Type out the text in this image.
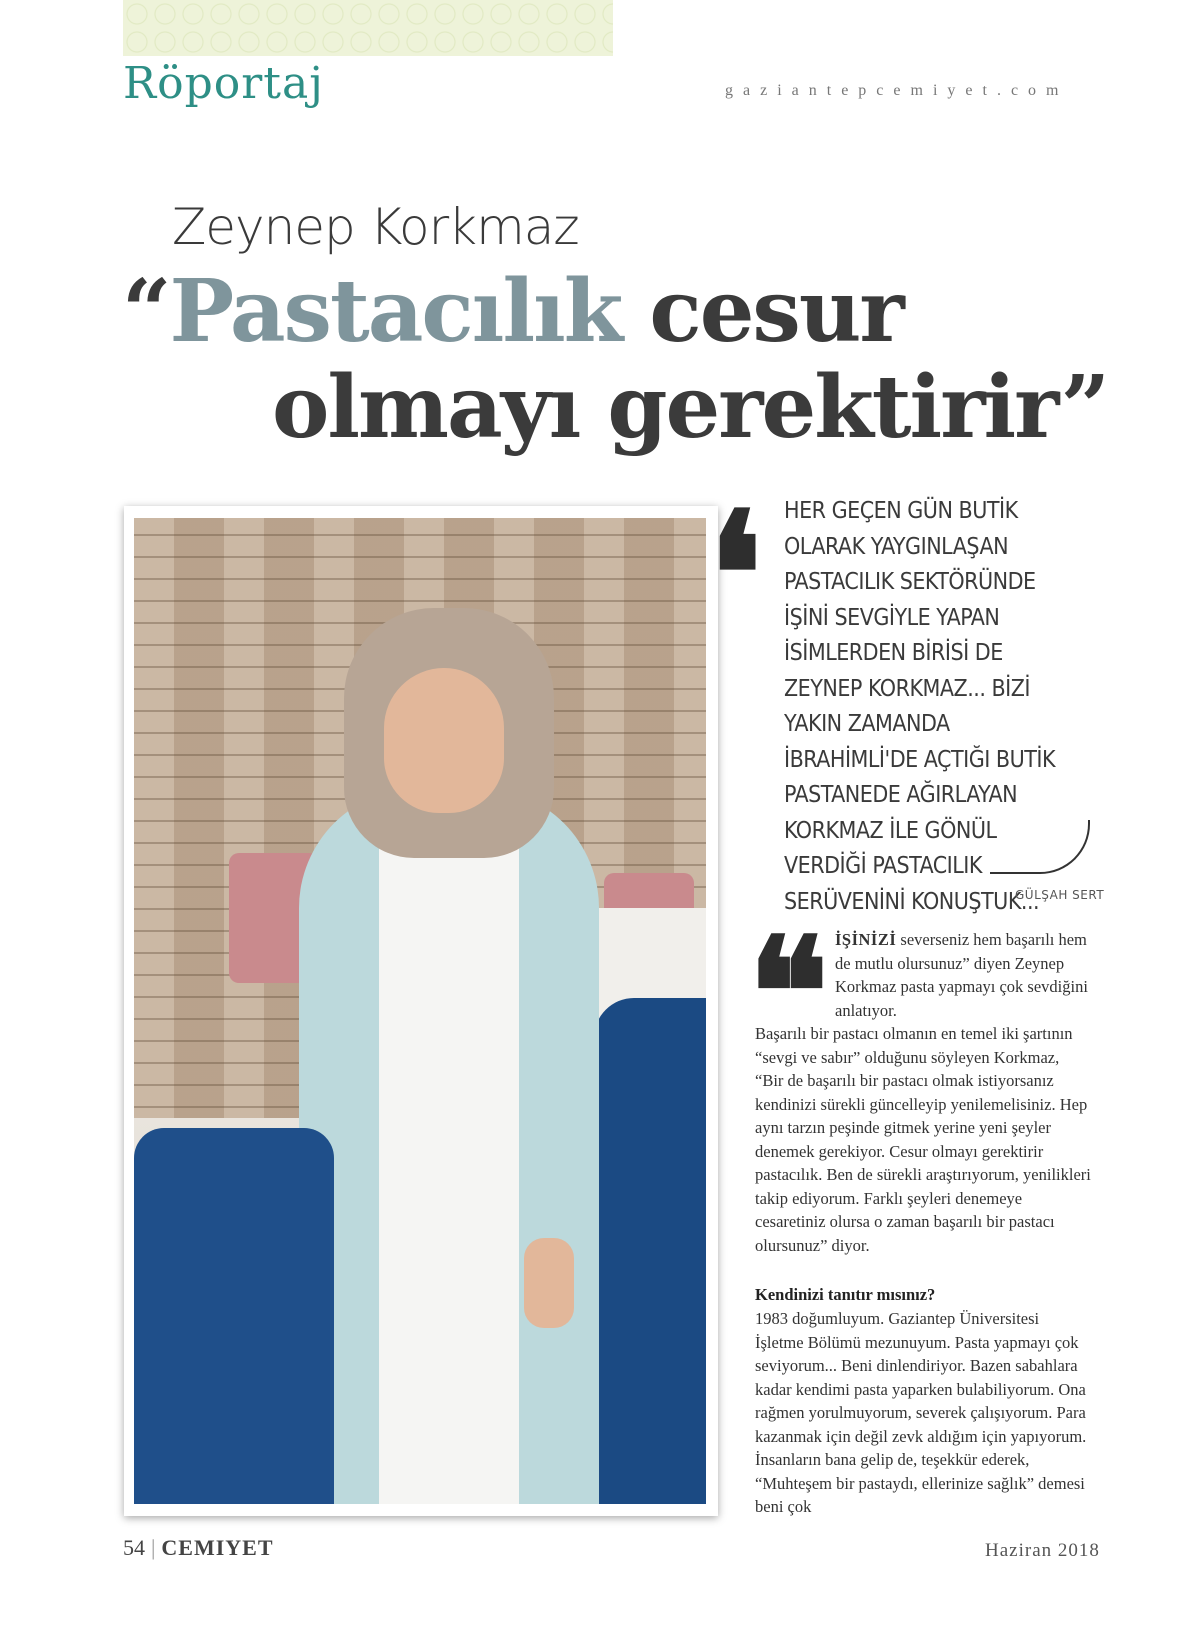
Röportaj	gaziantepcemiyet.com
Zeynep Korkmaz
“Pastacılık cesur
olmayı gerektirir”
❛ HER GEÇEN GÜN BUTİK OLARAK YAYGINLAŞAN PASTACILIK SEKTÖRÜNDE İŞİNİ SEVGİYLE YAPAN İSİMLERDEN BİRİSİ DE ZEYNEP KORKMAZ... BİZİ YAKIN ZAMANDA İBRAHİMLİ'DE AÇTIĞI BUTİK PASTANEDE AĞIRLAYAN KORKMAZ İLE GÖNÜL VERDİĞİ PASTACILIK SERÜVENİNİ KONUŞTUK...
GÜLŞAH SERT
❝ İŞİNİZİ severseniz hem başarılı hem de mutlu olursunuz” diyen Zeynep Korkmaz pasta yapmayı çok sevdiğini anlatıyor.
Başarılı bir pastacı olmanın en temel iki şartının “sevgi ve sabır” olduğunu söyleyen Korkmaz, “Bir de başarılı bir pastacı olmak istiyorsanız kendinizi sürekli güncelleyip yenilemelisiniz. Hep aynı tarzın peşinde gitmek yerine yeni şeyler denemek gerekiyor. Cesur olmayı gerektirir pastacılık. Ben de sürekli araştırıyorum, yenilikleri takip ediyorum. Farklı şeyleri denemeye cesaretiniz olursa o zaman başarılı bir pastacı olursunuz” diyor.
Kendinizi tanıtır mısınız?
1983 doğumluyum. Gaziantep Üniversitesi İşletme Bölümü mezunuyum. Pasta yapmayı çok seviyorum... Beni dinlendiriyor. Bazen sabahlara kadar kendimi pasta yaparken bulabiliyorum. Ona rağmen yorulmuyorum, severek çalışıyorum. Para kazanmak için değil zevk aldığım için yapıyorum. İnsanların bana gelip de, teşekkür ederek, “Muhteşem bir pastaydı, ellerinize sağlık” demesi beni çok
54 | CEMIYET	Haziran 2018
